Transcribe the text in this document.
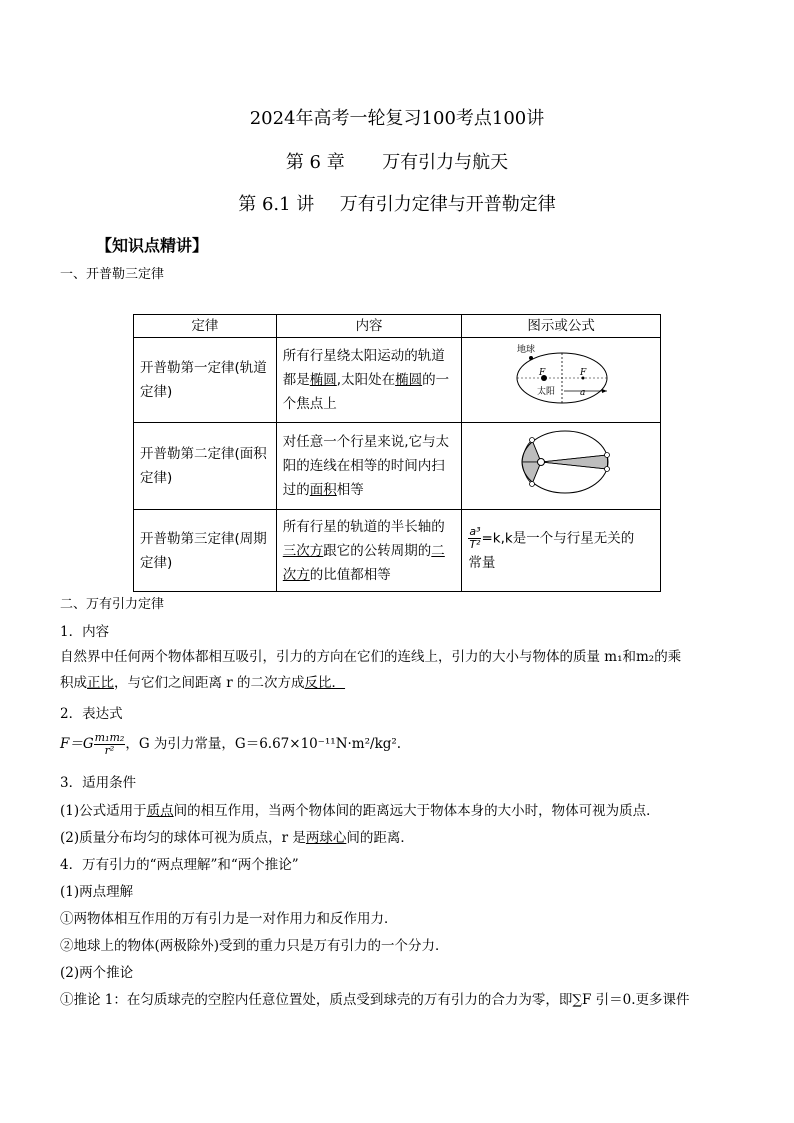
2024年高考一轮复习100考点100讲
第 6 章 万有引力与航天
第 6.1 讲 万有引力定律与开普勒定律
【知识点精讲】
一、开普勒三定律
定律	内容	图示或公式
开普勒第一定律(轨道
定律)	所有行星绕太阳运动的轨道都是椭圆,太阳处在椭圆的一个焦点上	地球
F F
太阳 a

开普勒第二定律(面积
定律)	对任意一个行星来说,它与太阳的连线在相等的时间内扫过的面积相等	
开普勒第三定律(周期
定律)	所有行星的轨道的半长轴的三次方跟它的公转周期的二次方的比值都相等	$\frac{\text{a³}}{\text{T²}} =k,k$是一个与行星无关的
常量
二、万有引力定律
1．内容
自然界中任何两个物体都相互吸引，引力的方向在它们的连线上，引力的大小与物体的质量 m₁和m₂的乘
积成正比，与它们之间距离 r 的二次方成反比．
2．表达式
$F=G \frac{\text{m₁m₂}}{\text{r²}}$ ，G 为引力常量，G＝6.67×10⁻¹¹N·m²/kg².
3．适用条件
(1)公式适用于质点间的相互作用，当两个物体间的距离远大于物体本身的大小时，物体可视为质点．
(2)质量分布均匀的球体可视为质点，r 是两球心间的距离．
4．万有引力的“两点理解”和“两个推论”
(1)两点理解
①两物体相互作用的万有引力是一对作用力和反作用力．
②地球上的物体(两极除外)受到的重力只是万有引力的一个分力．
(2)两个推论
①推论 1：在匀质球壳的空腔内任意位置处，质点受到球壳的万有引力的合力为零，即∑F 引＝0.更多课件
